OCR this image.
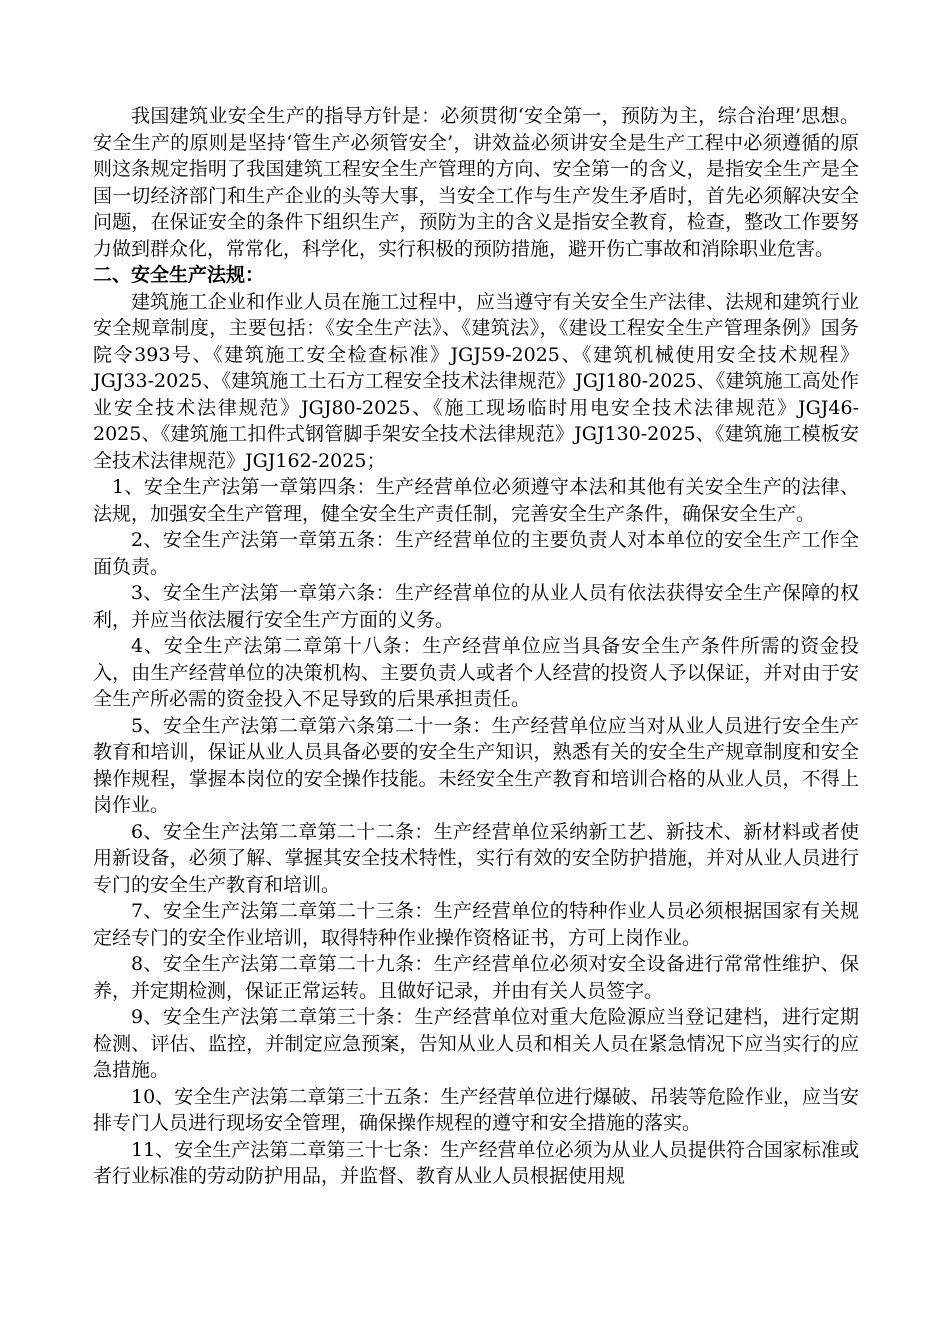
我国建筑业安全生产的指导方针是：必须贯彻‘安全第一，预防为主，综合治理’思想。安全生产的原则是坚持‘管生产必须管安全’，讲效益必须讲安全是生产工程中必须遵循的原则这条规定指明了我国建筑工程安全生产管理的方向、安全第一的含义，是指安全生产是全国一切经济部门和生产企业的头等大事，当安全工作与生产发生矛盾时，首先必须解决安全问题，在保证安全的条件下组织生产，预防为主的含义是指安全教育，检查，整改工作要努力做到群众化，常常化，科学化，实行积极的预防措施，避开伤亡事故和消除职业危害。

二、安全生产法规：

建筑施工企业和作业人员在施工过程中，应当遵守有关安全生产法律、法规和建筑行业安全规章制度，主要包括：《安全生产法》、《建筑法》，《建设工程安全生产管理条例》国务院令393号、《建筑施工安全检查标准》JGJ59-2025、《建筑机械使用安全技术规程》JGJ33-2025、《建筑施工土石方工程安全技术法律规范》JGJ180-2025、《建筑施工高处作业安全技术法律规范》JGJ80-2025、《施工现场临时用电安全技术法律规范》JGJ46-2025、《建筑施工扣件式钢管脚手架安全技术法律规范》JGJ130-2025、《建筑施工模板安全技术法律规范》JGJ162-2025；

1、安全生产法第一章第四条：生产经营单位必须遵守本法和其他有关安全生产的法律、法规，加强安全生产管理，健全安全生产责任制，完善安全生产条件，确保安全生产。

2、安全生产法第一章第五条：生产经营单位的主要负责人对本单位的安全生产工作全面负责。

3、安全生产法第一章第六条：生产经营单位的从业人员有依法获得安全生产保障的权利，并应当依法履行安全生产方面的义务。

4、安全生产法第二章第十八条：生产经营单位应当具备安全生产条件所需的资金投入，由生产经营单位的决策机构、主要负责人或者个人经营的投资人予以保证，并对由于安全生产所必需的资金投入不足导致的后果承担责任。

5、安全生产法第二章第六条第二十一条：生产经营单位应当对从业人员进行安全生产教育和培训，保证从业人员具备必要的安全生产知识，熟悉有关的安全生产规章制度和安全操作规程，掌握本岗位的安全操作技能。未经安全生产教育和培训合格的从业人员，不得上岗作业。

6、安全生产法第二章第二十二条：生产经营单位采纳新工艺、新技术、新材料或者使用新设备，必须了解、掌握其安全技术特性，实行有效的安全防护措施，并对从业人员进行专门的安全生产教育和培训。

7、安全生产法第二章第二十三条：生产经营单位的特种作业人员必须根据国家有关规定经专门的安全作业培训，取得特种作业操作资格证书，方可上岗作业。

8、安全生产法第二章第二十九条：生产经营单位必须对安全设备进行常常性维护、保养，并定期检测，保证正常运转。且做好记录，并由有关人员签字。

9、安全生产法第二章第三十条：生产经营单位对重大危险源应当登记建档，进行定期检测、评估、监控，并制定应急预案，告知从业人员和相关人员在紧急情况下应当实行的应急措施。

10、安全生产法第二章第三十五条：生产经营单位进行爆破、吊装等危险作业，应当安排专门人员进行现场安全管理，确保操作规程的遵守和安全措施的落实。

11、安全生产法第二章第三十七条：生产经营单位必须为从业人员提供符合国家标准或者行业标准的劳动防护用品，并监督、教育从业人员根据使用规
